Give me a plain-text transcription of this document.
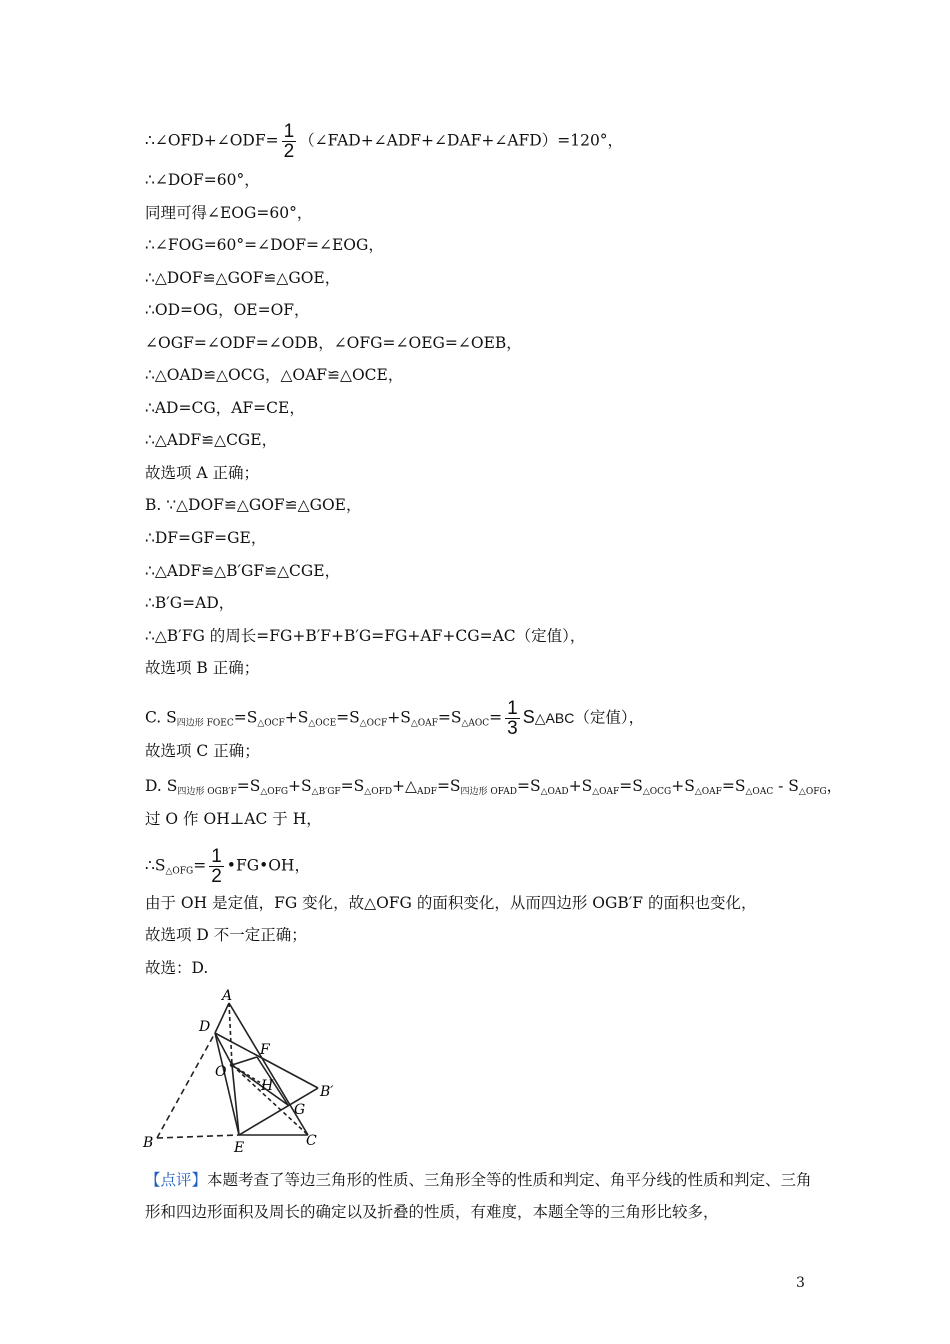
∴∠OFD+∠ODF= $\frac{1}{2}$ （∠FAD+∠ADF+∠DAF+∠AFD）=120°，
∴∠DOF=60°，
同理可得∠EOG=60°，
∴∠FOG=60°=∠DOF=∠EOG，
∴△DOF≌△GOF≌△GOE，
∴OD=OG，OE=OF，
∠OGF=∠ODF=∠ODB，∠OFG=∠OEG=∠OEB，
∴△OAD≌△OCG，△OAF≌△OCE，
∴AD=CG，AF=CE，
∴△ADF≌△CGE，
故选项 A 正确；
B. ∵△DOF≌△GOF≌△GOE，
∴DF=GF=GE，
∴△ADF≌△B′GF≌△CGE，
∴B′G=AD，
∴△B′FG 的周长=FG+B′F+B′G=FG+AF+CG=AC（定值），
故选项 B 正确；
C. $S_{四边形 FOEC}=S_{\triangle OCF}+S_{\triangle OCE}=S_{\triangle OCF}+S_{\triangle OAF}=S_{\triangle AOC}= \frac{1}{3}$ S△ABC（定值），
故选项 C 正确；
D. $S_{四边形 OGB'F}=S_{\triangle OFG}+S_{\triangle B'GF}=S_{\triangle OFD}+\triangle_{ADF}=S_{四边形 OFAD}=S_{\triangle OAD}+S_{\triangle OAF}=S_{\triangle OCG}+S_{\triangle OAF}=S_{\triangle OAC} - S_{\triangle OFG}$，
过 O 作 OH⊥AC 于 H，
$\therefore S_{\triangle OFG}= \frac{1}{2}$ •FG•OH，
由于 OH 是定值，FG 变化，故△OFG 的面积变化，从而四边形 OGB′F 的面积也变化，
故选项 D 不一定正确；
故选：D.
A
D
F
H	B′
O
G
B	E	C
【点评】本题考查了等边三角形的性质、三角形全等的性质和判定、角平分线的性质和判定、三角形和四边形面积及周长的确定以及折叠的性质，有难度，本题全等的三角形比较多，
3
